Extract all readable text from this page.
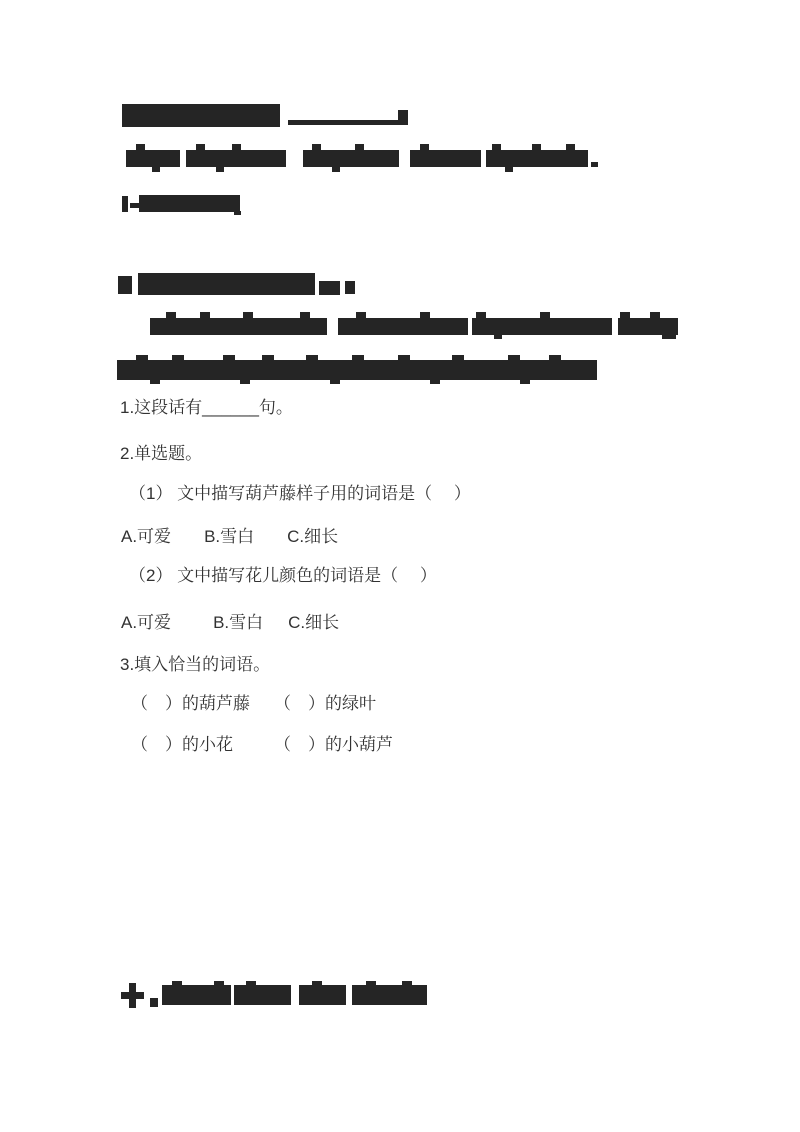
1.这段话有______句。
2.单选题。
（1） 文中描写葫芦藤样子用的词语是（　 ）
A.可爱 B.雪白 C.细长
（2） 文中描写花儿颜色的词语是（　 ）
A.可爱 B.雪白 C.细长
3.填入恰当的词语。
（　）的葫芦藤 （　）的绿叶
（　）的小花 （　）的小葫芦
